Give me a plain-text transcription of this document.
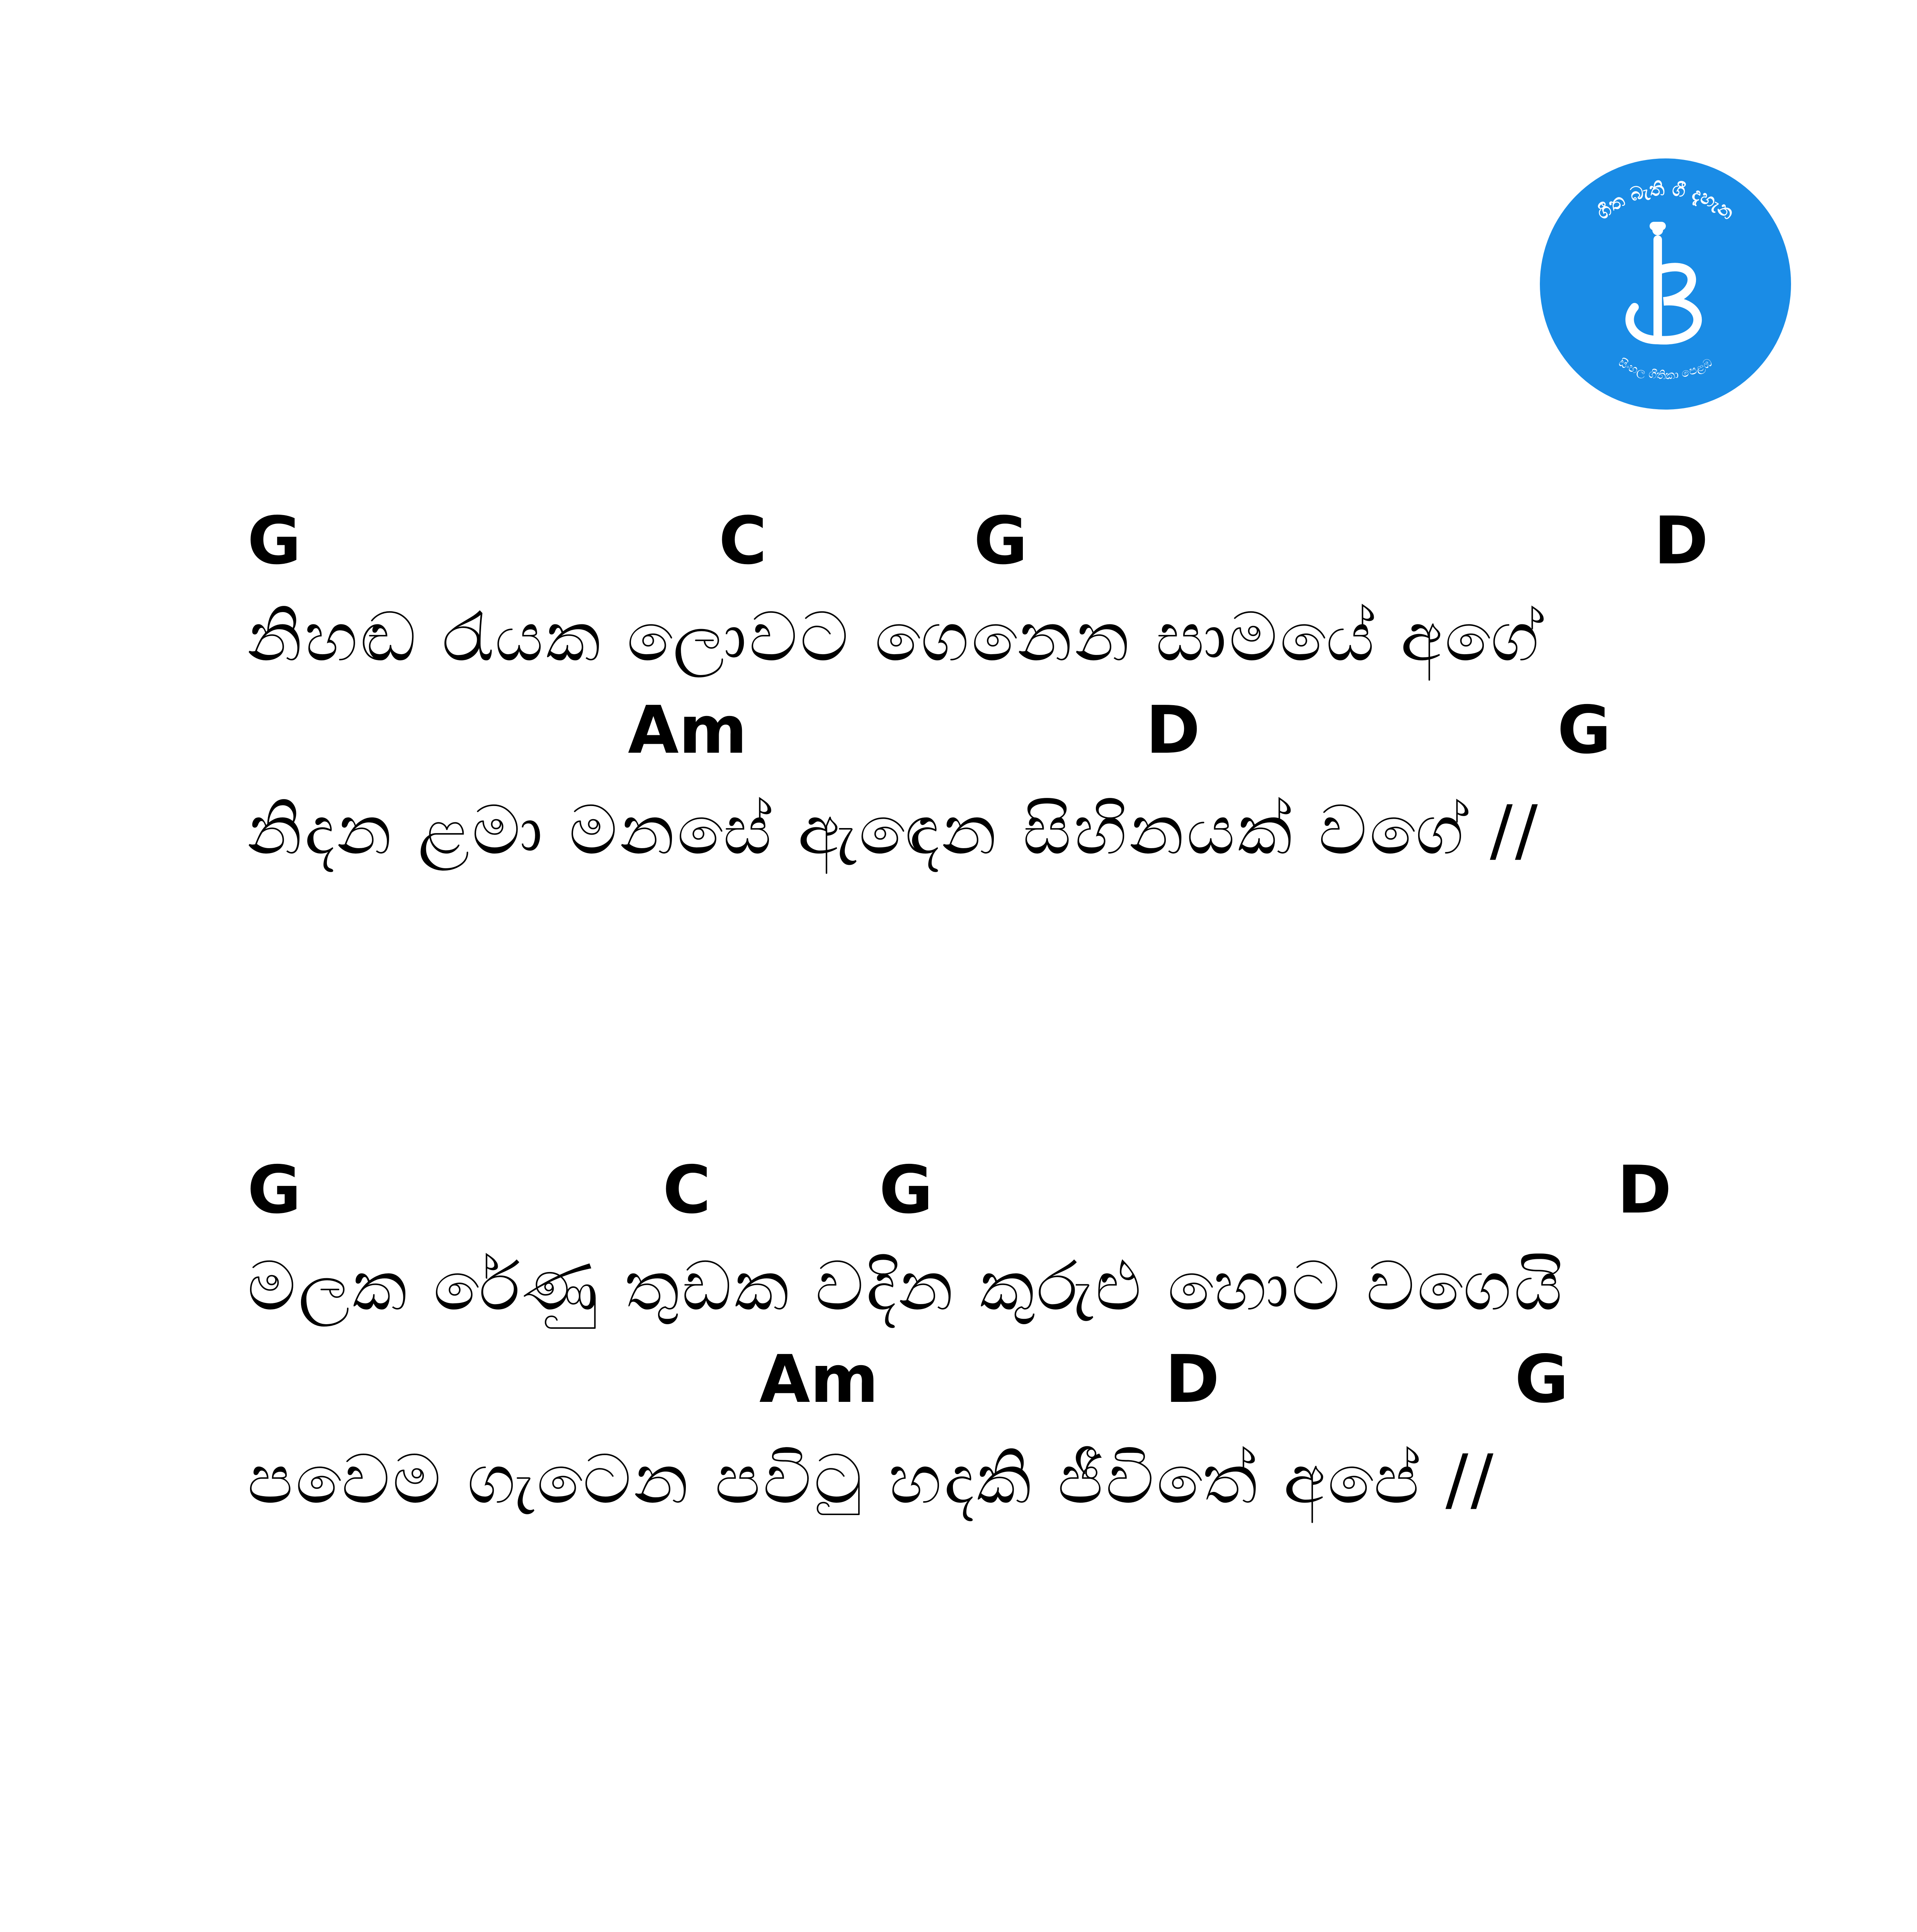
ගීත බැති ගී දැහැන
සිංහල ගීතිකා පෙළඹ
G	C	G	D
නිහඬ රැයක ලොවට ගෙනෙන සාමයේ අගේ
Am	D	G
නිදන ළමා මනසේ ඇඳෙන සිහිනයක් වගේ //
G	C	G	D
මලක රේණු තුඩක වදින කුරුළු හොට වගෙයි
Am	D	G
පවෙම ගැටෙන පවිටු හදකි ජීවිතේ අපේ //
